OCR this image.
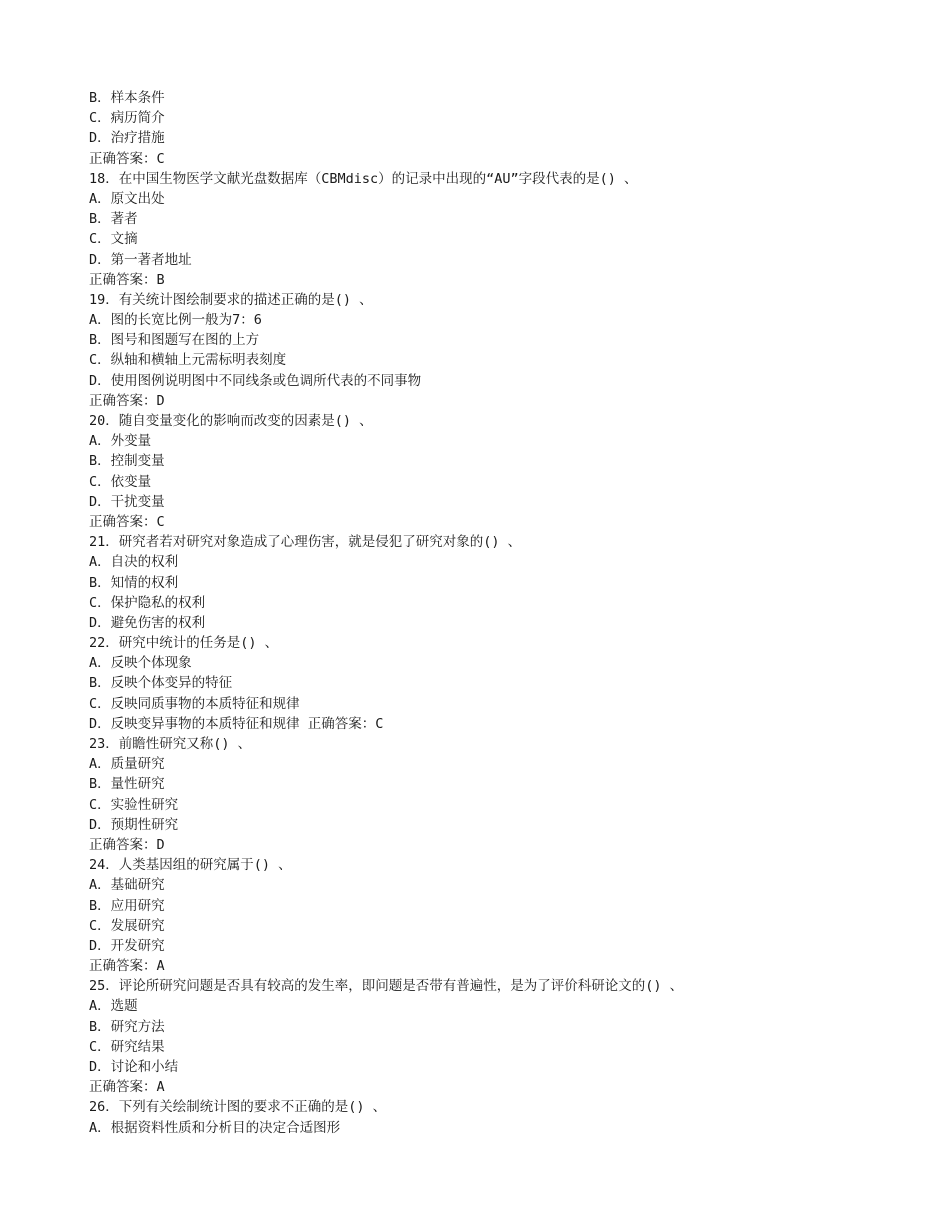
B．样本条件
C．病历简介
D．治疗措施
正确答案：C
18．在中国生物医学文献光盘数据库（CBMdisc）的记录中出现的“AU”字段代表的是() 、
A．原文出处
B．著者
C．文摘
D．第一著者地址
正确答案：B
19．有关统计图绘制要求的描述正确的是() 、
A．图的长宽比例一般为7：6
B．图号和图题写在图的上方
C．纵轴和横轴上元需标明表刻度
D．使用图例说明图中不同线条或色调所代表的不同事物
正确答案：D
20．随自变量变化的影响而改变的因素是() 、
A．外变量
B．控制变量
C．依变量
D．干扰变量
正确答案：C
21．研究者若对研究对象造成了心理伤害，就是侵犯了研究对象的() 、
A．自决的权利
B．知情的权利
C．保护隐私的权利
D．避免伤害的权利
22．研究中统计的任务是() 、
A．反映个体现象
B．反映个体变异的特征
C．反映同质事物的本质特征和规律
D．反映变异事物的本质特征和规律 正确答案：C
23．前瞻性研究又称() 、
A．质量研究
B．量性研究
C．实验性研究
D．预期性研究
正确答案：D
24．人类基因组的研究属于() 、
A．基础研究
B．应用研究
C．发展研究
D．开发研究
正确答案：A
25．评论所研究问题是否具有较高的发生率，即问题是否带有普遍性，是为了评价科研论文的() 、
A．选题
B．研究方法
C．研究结果
D．讨论和小结
正确答案：A
26．下列有关绘制统计图的要求不正确的是() 、
A．根据资料性质和分析目的决定合适图形
